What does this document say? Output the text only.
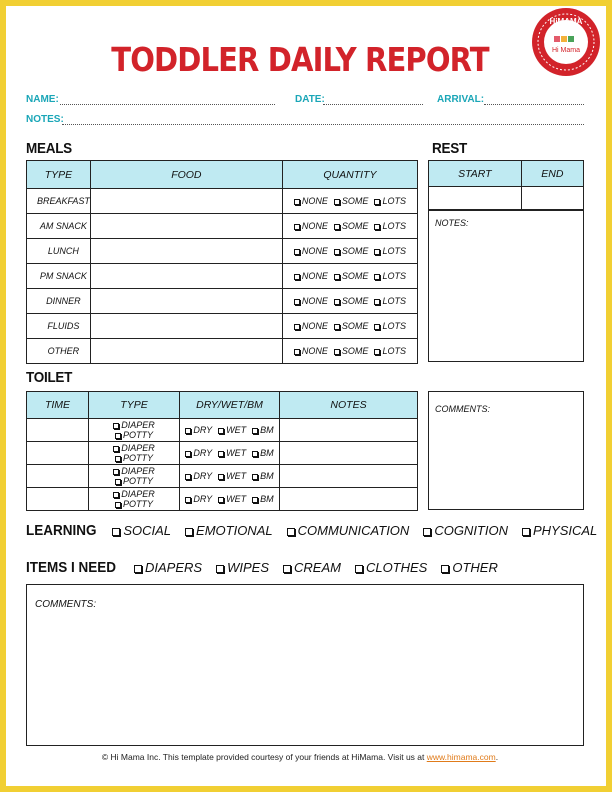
TODDLER DAILY REPORT
HiMAMA
Hi Mama
NAME:	DATE:	ARRIVAL:
NOTES:
MEALS
TYPE	FOOD	QUANTITY
BREAKFAST		NONE SOME LOTS
AM SNACK		NONE SOME LOTS
LUNCH		NONE SOME LOTS
PM SNACK		NONE SOME LOTS
DINNER		NONE SOME LOTS
FLUIDS		NONE SOME LOTS
OTHER		NONE SOME LOTS
REST
START	END

NOTES:
TOILET
TIME	TYPE	DRY/WET/BM	NOTES
	DIAPERPOTTY	DRY WET BM	
	DIAPERPOTTY	DRY WET BM	
	DIAPERPOTTY	DRY WET BM	
	DIAPERPOTTY	DRY WET BM	
COMMENTS:
LEARNING	SOCIAL	EMOTIONAL	COMMUNICATION	COGNITION	PHYSICAL
ITEMS I NEED	DIAPERS	WIPES	CREAM	CLOTHES	OTHER
COMMENTS:
© Hi Mama Inc. This template provided courtesy of your friends at HiMama. Visit us at www.himama.com.
